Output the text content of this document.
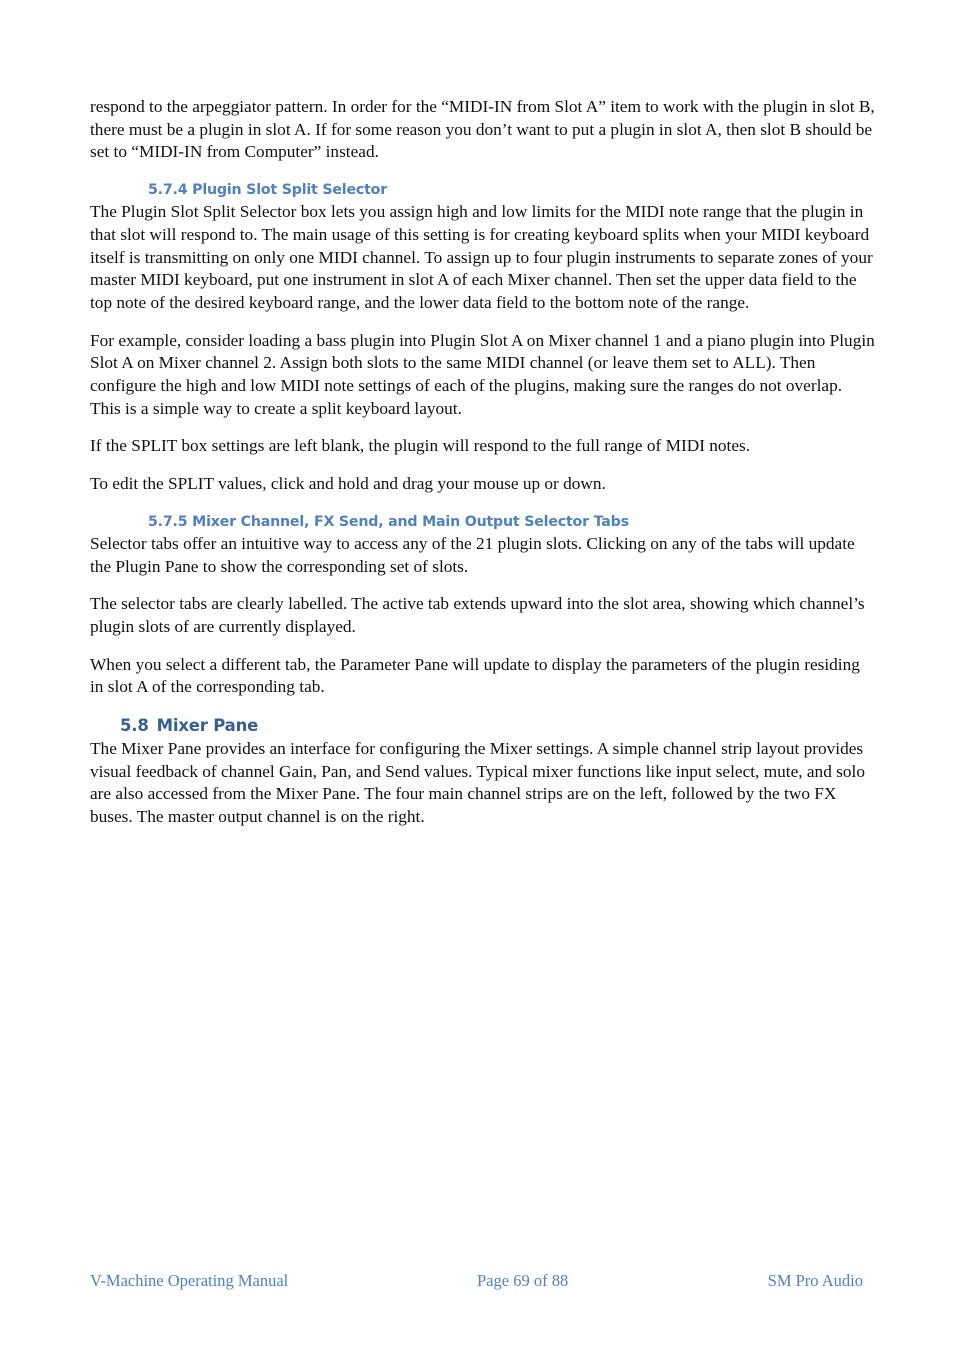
respond to the arpeggiator pattern. In order for the “MIDI-IN from Slot A” item to work with the plugin in slot B, there must be a plugin in slot A. If for some reason you don’t want to put a plugin in slot A, then slot B should be set to “MIDI-IN from Computer” instead.

5.7.4 Plugin Slot Split Selector

The Plugin Slot Split Selector box lets you assign high and low limits for the MIDI note range that the plugin in that slot will respond to. The main usage of this setting is for creating keyboard splits when your MIDI keyboard itself is transmitting on only one MIDI channel. To assign up to four plugin instruments to separate zones of your master MIDI keyboard, put one instrument in slot A of each Mixer channel. Then set the upper data field to the top note of the desired keyboard range, and the lower data field to the bottom note of the range.

For example, consider loading a bass plugin into Plugin Slot A on Mixer channel 1 and a piano plugin into Plugin Slot A on Mixer channel 2. Assign both slots to the same MIDI channel (or leave them set to ALL). Then configure the high and low MIDI note settings of each of the plugins, making sure the ranges do not overlap. This is a simple way to create a split keyboard layout.

If the SPLIT box settings are left blank, the plugin will respond to the full range of MIDI notes.

To edit the SPLIT values, click and hold and drag your mouse up or down.

5.7.5 Mixer Channel, FX Send, and Main Output Selector Tabs

Selector tabs offer an intuitive way to access any of the 21 plugin slots. Clicking on any of the tabs will update the Plugin Pane to show the corresponding set of slots.

The selector tabs are clearly labelled. The active tab extends upward into the slot area, showing which channel’s plugin slots of are currently displayed.

When you select a different tab, the Parameter Pane will update to display the parameters of the plugin residing in slot A of the corresponding tab.

5.8 Mixer Pane

The Mixer Pane provides an interface for configuring the Mixer settings. A simple channel strip layout provides visual feedback of channel Gain, Pan, and Send values. Typical mixer functions like input select, mute, and solo are also accessed from the Mixer Pane. The four main channel strips are on the left, followed by the two FX buses. The master output channel is on the right.

V-Machine Operating Manual	Page 69 of 88	SM Pro Audio
